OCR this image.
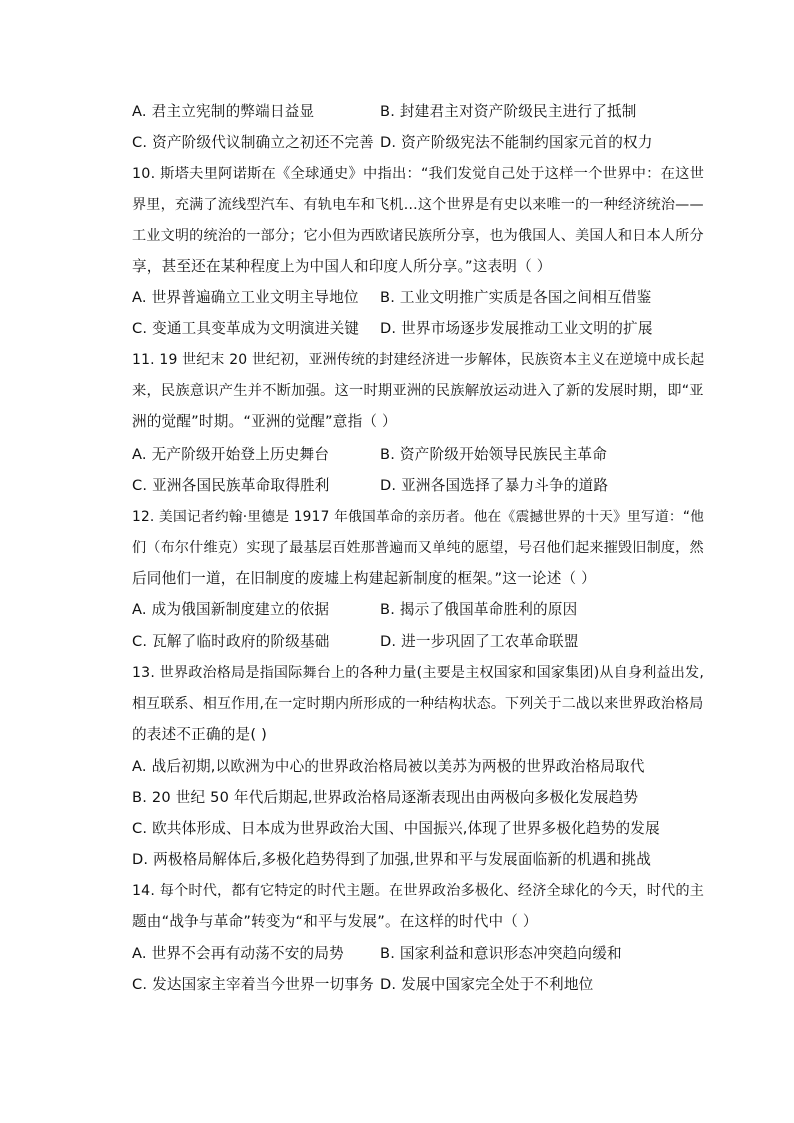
A. 君主立宪制的弊端日益显	B. 封建君主对资产阶级民主进行了抵制
C. 资产阶级代议制确立之初还不完善 D. 资产阶级宪法不能制约国家元首的权力
10. 斯塔夫里阿诺斯在《全球通史》中指出：“我们发觉自己处于这样一个世界中：在这世
界里，充满了流线型汽车、有轨电车和飞机…这个世界是有史以来唯一的一种经济统治——
工业文明的统治的一部分；它小但为西欧诸民族所分享，也为俄国人、美国人和日本人所分
享，甚至还在某种程度上为中国人和印度人所分享。”这表明（ ）
A. 世界普遍确立工业文明主导地位 B. 工业文明推广实质是各国之间相互借鉴
C. 变通工具变革成为文明演进关键 D. 世界市场逐步发展推动工业文明的扩展
11. 19 世纪末 20 世纪初，亚洲传统的封建经济进一步解体，民族资本主义在逆境中成长起
来，民族意识产生并不断加强。这一时期亚洲的民族解放运动进入了新的发展时期，即“亚
洲的觉醒”时期。“亚洲的觉醒”意指（ ）
A. 无产阶级开始登上历史舞台	B. 资产阶级开始领导民族民主革命
C. 亚洲各国民族革命取得胜利	D. 亚洲各国选择了暴力斗争的道路
12. 美国记者约翰·里德是 1917 年俄国革命的亲历者。他在《震撼世界的十天》里写道：“他
们（布尔什维克）实现了最基层百姓那普遍而又单纯的愿望，号召他们起来摧毁旧制度，然
后同他们一道，在旧制度的废墟上构建起新制度的框架。”这一论述（ ）
A. 成为俄国新制度建立的依据	B. 揭示了俄国革命胜利的原因
C. 瓦解了临时政府的阶级基础	D. 进一步巩固了工农革命联盟
13. 世界政治格局是指国际舞台上的各种力量(主要是主权国家和国家集团)从自身利益出发,
相互联系、相互作用,在一定时期内所形成的一种结构状态。下列关于二战以来世界政治格局
的表述不正确的是( )
A. 战后初期,以欧洲为中心的世界政治格局被以美苏为两极的世界政治格局取代
B. 20 世纪 50 年代后期起,世界政治格局逐渐表现出由两极向多极化发展趋势
C. 欧共体形成、日本成为世界政治大国、中国振兴,体现了世界多极化趋势的发展
D. 两极格局解体后,多极化趋势得到了加强,世界和平与发展面临新的机遇和挑战
14. 每个时代，都有它特定的时代主题。在世界政治多极化、经济全球化的今天，时代的主
题由“战争与革命”转变为“和平与发展”。在这样的时代中（ ）
A. 世界不会再有动荡不安的局势 B. 国家利益和意识形态冲突趋向缓和
C. 发达国家主宰着当今世界一切事务 D. 发展中国家完全处于不利地位
